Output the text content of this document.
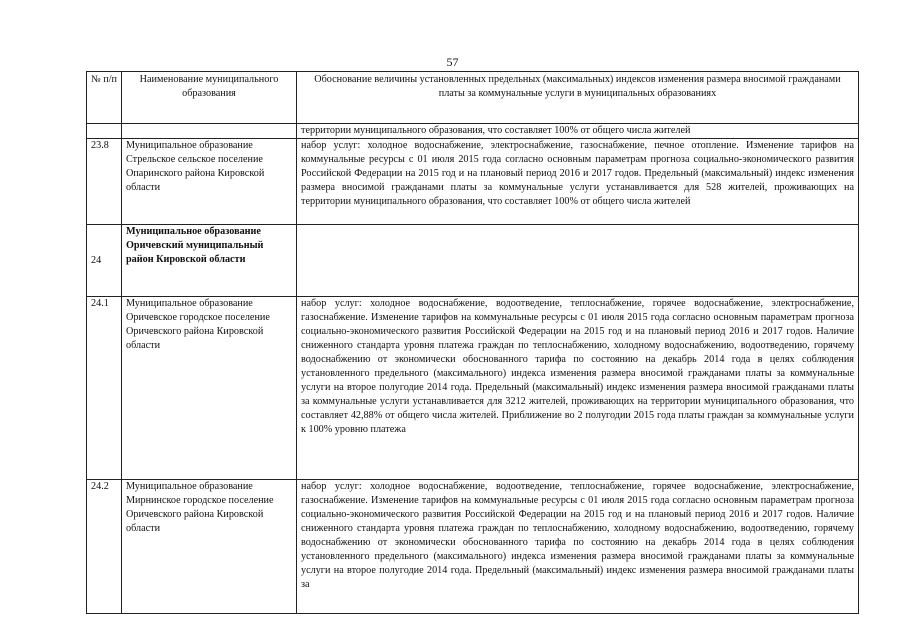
57
№ п/п	Наименование муниципального образования	Обоснование величины установленных предельных (максимальных) индексов изменения размера вносимой гражданами платы за коммунальные услуги в муниципальных образованиях
		территории муниципального образования, что составляет 100% от общего числа жителей
23.8	Муниципальное образование Стрельское сельское поселение Опаринского района Кировской области	набор услуг: холодное водоснабжение, электроснабжение, газоснабжение, печное отопление. Изменение тарифов на коммунальные ресурсы с 01 июля 2015 года согласно основным параметрам прогноза социально-экономического развития Российской Федерации на 2015 год и на плановый период 2016 и 2017 годов. Предельный (максимальный) индекс изменения размера вносимой гражданами платы за коммунальные услуги устанавливается для 528 жителей, проживающих на территории муниципального образования, что составляет 100% от общего числа жителей
24	Муниципальное образование Оричевский муниципальный район Кировской области	
24.1	Муниципальное образование Оричевское городское поселение Оричевского района Кировской области	набор услуг: холодное водоснабжение, водоотведение, теплоснабжение, горячее водоснабжение, электроснабжение, газоснабжение. Изменение тарифов на коммунальные ресурсы с 01 июля 2015 года согласно основным параметрам прогноза социально-экономического развития Российской Федерации на 2015 год и на плановый период 2016 и 2017 годов. Наличие сниженного стандарта уровня платежа граждан по теплоснабжению, холодному водоснабжению, водоотведению, горячему водоснабжению от экономически обоснованного тарифа по состоянию на декабрь 2014 года в целях соблюдения установленного предельного (максимального) индекса изменения размера вносимой гражданами платы за коммунальные услуги на второе полугодие 2014 года. Предельный (максимальный) индекс изменения размера вносимой гражданами платы за коммунальные услуги устанавливается для 3212 жителей, проживающих на территории муниципального образования, что составляет 42,88% от общего числа жителей. Приближение во 2 полугодии 2015 года платы граждан за коммунальные услуги к 100% уровню платежа
24.2	Муниципальное образование Мирнинское городское поселение Оричевского района Кировской области	набор услуг: холодное водоснабжение, водоотведение, теплоснабжение, горячее водоснабжение, электроснабжение, газоснабжение. Изменение тарифов на коммунальные ресурсы с 01 июля 2015 года согласно основным параметрам прогноза социально-экономического развития Российской Федерации на 2015 год и на плановый период 2016 и 2017 годов. Наличие сниженного стандарта уровня платежа граждан по теплоснабжению, холодному водоснабжению, водоотведению, горячему водоснабжению от экономически обоснованного тарифа по состоянию на декабрь 2014 года в целях соблюдения установленного предельного (максимального) индекса изменения размера вносимой гражданами платы за коммунальные услуги на второе полугодие 2014 года. Предельный (максимальный) индекс изменения размера вносимой гражданами платы за
